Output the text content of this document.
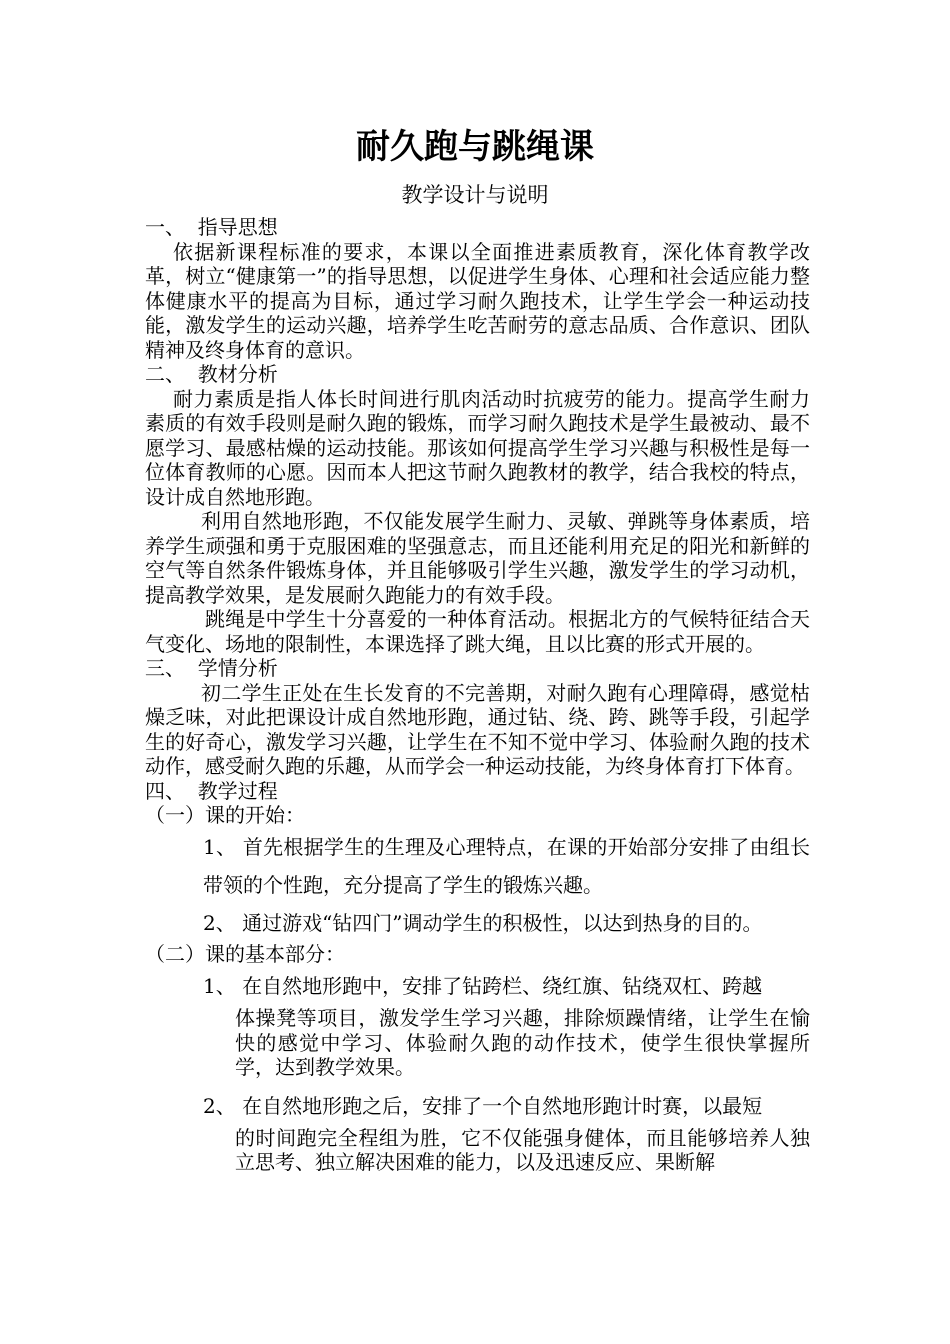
耐久跑与跳绳课
教学设计与说明
一、  指导思想
依据新课程标准的要求，本课以全面推进素质教育，深化体育教学改革，树立“健康第一”的指导思想，以促进学生身体、心理和社会适应能力整体健康水平的提高为目标，通过学习耐久跑技术，让学生学会一种运动技能，激发学生的运动兴趣，培养学生吃苦耐劳的意志品质、合作意识、团队精神及终身体育的意识。
二、  教材分析
耐力素质是指人体长时间进行肌肉活动时抗疲劳的能力。提高学生耐力素质的有效手段则是耐久跑的锻炼，而学习耐久跑技术是学生最被动、最不愿学习、最感枯燥的运动技能。那该如何提高学生学习兴趣与积极性是每一位体育教师的心愿。因而本人把这节耐久跑教材的教学，结合我校的特点，设计成自然地形跑。
利用自然地形跑，不仅能发展学生耐力、灵敏、弹跳等身体素质，培养学生顽强和勇于克服困难的坚强意志，而且还能利用充足的阳光和新鲜的空气等自然条件锻炼身体，并且能够吸引学生兴趣，激发学生的学习动机，提高教学效果，是发展耐久跑能力的有效手段。
跳绳是中学生十分喜爱的一种体育活动。根据北方的气候特征结合天气变化、场地的限制性，本课选择了跳大绳，且以比赛的形式开展的。
三、  学情分析
初二学生正处在生长发育的不完善期，对耐久跑有心理障碍，感觉枯燥乏味，对此把课设计成自然地形跑，通过钻、绕、跨、跳等手段，引起学生的好奇心，激发学习兴趣，让学生在不知不觉中学习、体验耐久跑的技术动作，感受耐久跑的乐趣，从而学会一种运动技能，为终身体育打下体育。
四、  教学过程
（一）课的开始：
1、 首先根据学生的生理及心理特点，在课的开始部分安排了由组长带领的个性跑，充分提高了学生的锻炼兴趣。
2、 通过游戏“钻四门”调动学生的积极性，以达到热身的目的。
（二）课的基本部分：
1、 在自然地形跑中，安排了钻跨栏、绕红旗、钻绕双杠、跨越
体操凳等项目，激发学生学习兴趣，排除烦躁情绪，让学生在愉快的感觉中学习、体验耐久跑的动作技术，使学生很快掌握所学，达到教学效果。
2、 在自然地形跑之后，安排了一个自然地形跑计时赛，以最短
的时间跑完全程组为胜，它不仅能强身健体，而且能够培养人独立思考、独立解决困难的能力，以及迅速反应、果断解
